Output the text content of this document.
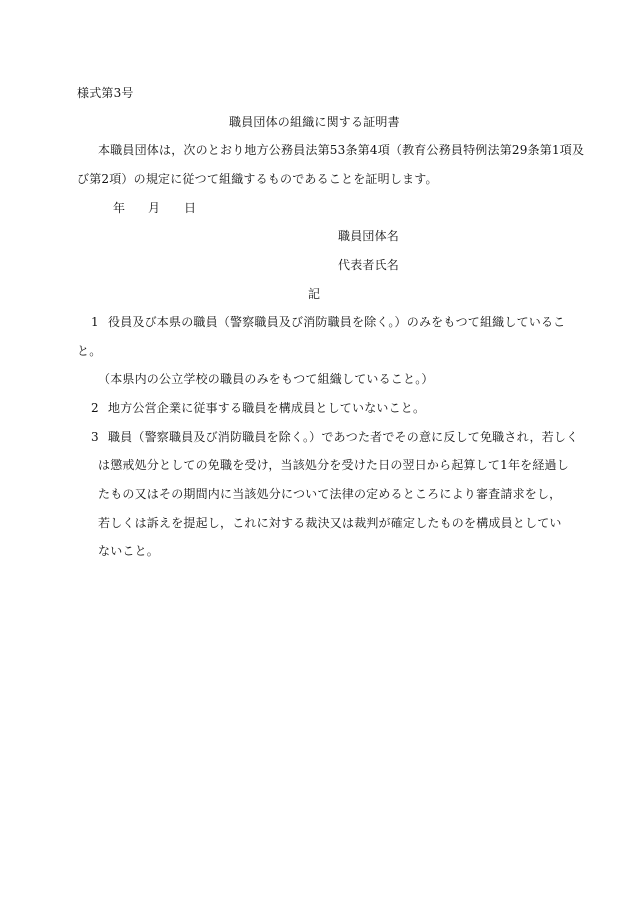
様式第3号
職員団体の組織に関する証明書
本職員団体は，次のとおり地方公務員法第53条第4項（教育公務員特例法第29条第1項及
び第2項）の規定に従つて組織するものであることを証明します。
年 月 日
職員団体名
代表者氏名
記
1 役員及び本県の職員（警察職員及び消防職員を除く。）のみをもつて組織しているこ
と。
（本県内の公立学校の職員のみをもつて組織していること。）
2 地方公営企業に従事する職員を構成員としていないこと。
3 職員（警察職員及び消防職員を除く。）であつた者でその意に反して免職され，若しく
は懲戒処分としての免職を受け，当該処分を受けた日の翌日から起算して1年を経過し
たもの又はその期間内に当該処分について法律の定めるところにより審査請求をし，
若しくは訴えを提起し，これに対する裁決又は裁判が確定したものを構成員としてい
ないこと。
